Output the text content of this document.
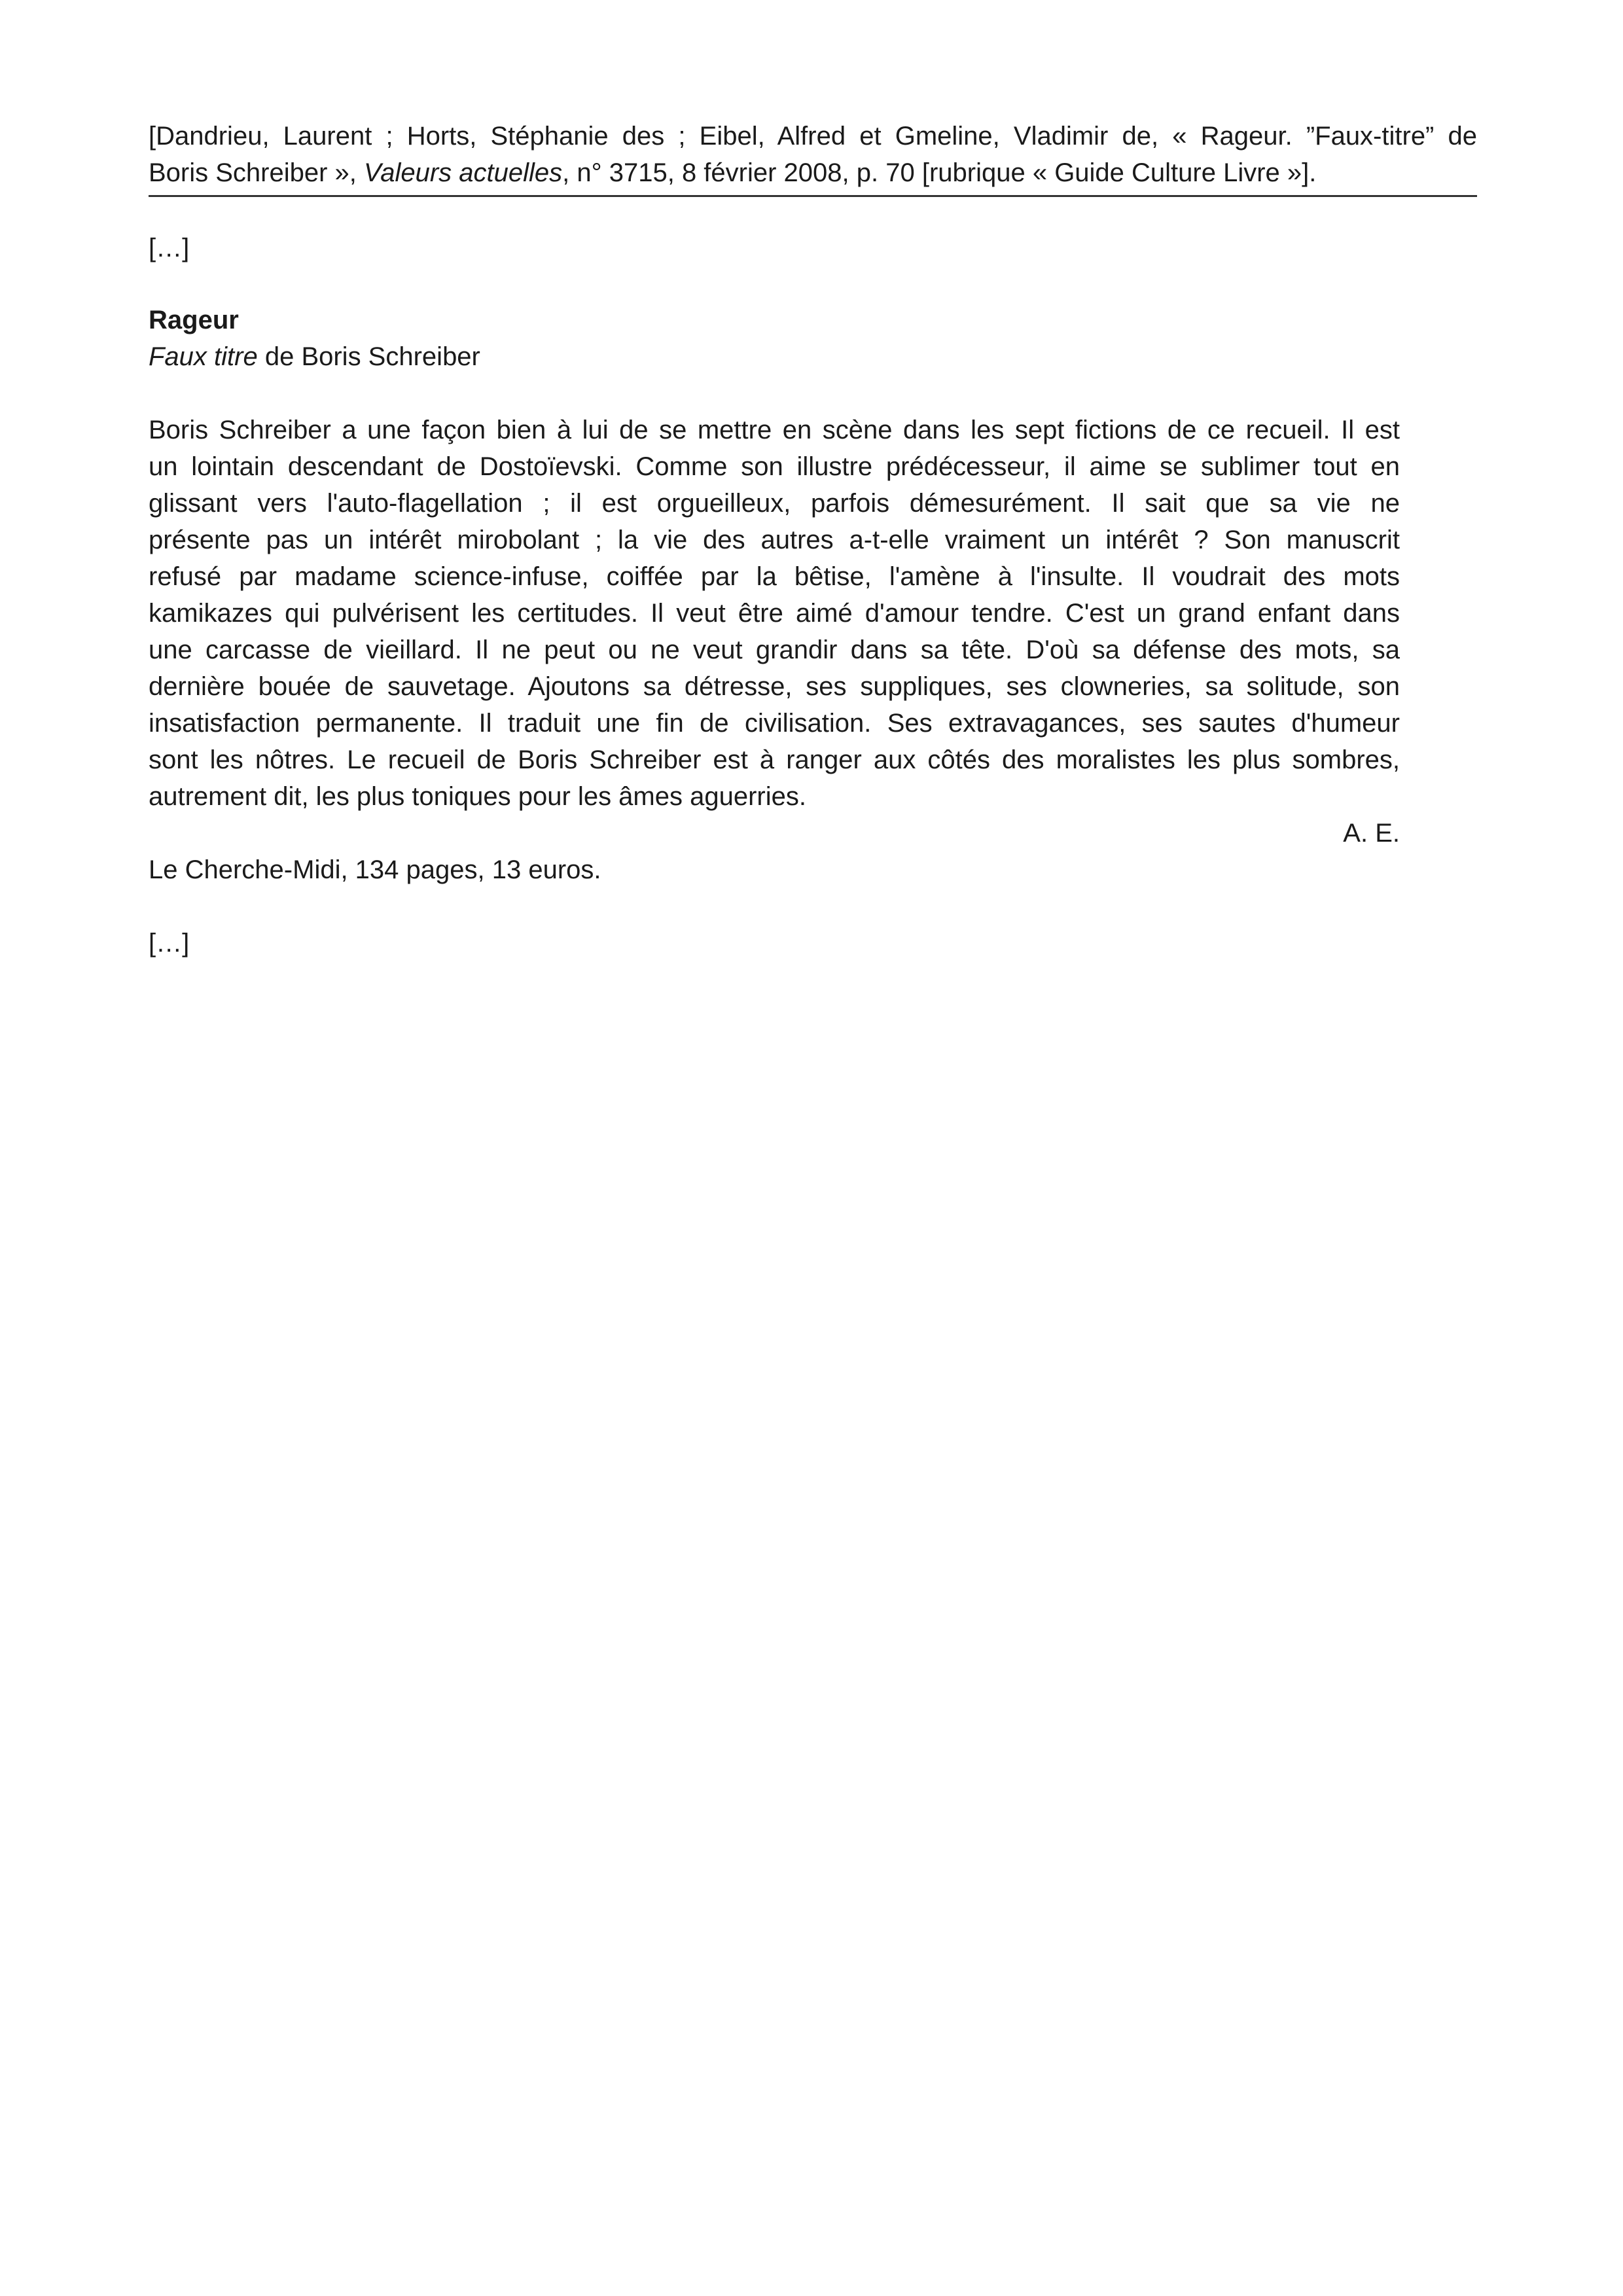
[Dandrieu, Laurent ; Horts, Stéphanie des ; Eibel, Alfred et Gmeline, Vladimir de, « Rageur. ”Faux-titre” de
Boris Schreiber », Valeurs actuelles, n° 3715, 8 février 2008, p. 70 [rubrique « Guide Culture Livre »].
[…]
Rageur
Faux titre de Boris Schreiber
Boris Schreiber a une façon bien à lui de se mettre en scène dans les sept fictions de ce recueil. Il est
un lointain descendant de Dostoïevski. Comme son illustre prédécesseur, il aime se sublimer tout en
glissant vers l'auto-flagellation ; il est orgueilleux, parfois démesurément. Il sait que sa vie ne
présente pas un intérêt mirobolant ; la vie des autres a-t-elle vraiment un intérêt ? Son manuscrit
refusé par madame science-infuse, coiffée par la bêtise, l'amène à l'insulte. Il voudrait des mots
kamikazes qui pulvérisent les certitudes. Il veut être aimé d'amour tendre. C'est un grand enfant dans
une carcasse de vieillard. Il ne peut ou ne veut grandir dans sa tête. D'où sa défense des mots, sa
dernière bouée de sauvetage. Ajoutons sa détresse, ses suppliques, ses clowneries, sa solitude, son
insatisfaction permanente. Il traduit une fin de civilisation. Ses extravagances, ses sautes d'humeur
sont les nôtres. Le recueil de Boris Schreiber est à ranger aux côtés des moralistes les plus sombres,
autrement dit, les plus toniques pour les âmes aguerries.
A. E.
Le Cherche-Midi, 134 pages, 13 euros.
[…]
